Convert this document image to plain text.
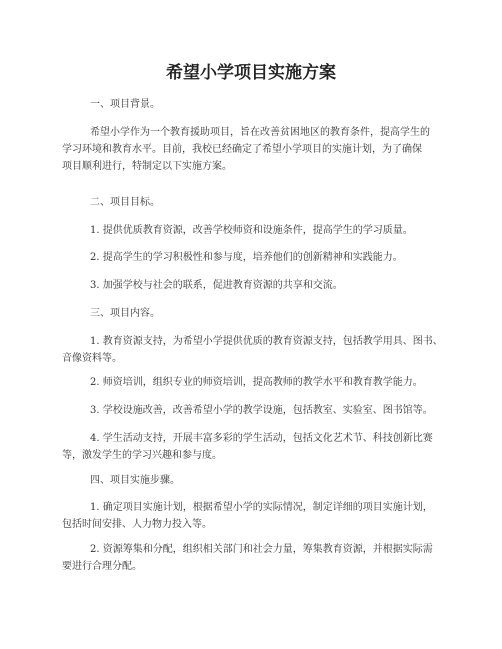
希望小学项目实施方案

一、项目背景。

希望小学作为一个教育援助项目，旨在改善贫困地区的教育条件，提高学生的
学习环境和教育水平。目前，我校已经确定了希望小学项目的实施计划，为了确保
项目顺利进行，特制定以下实施方案。

二、项目目标。

1. 提供优质教育资源，改善学校师资和设施条件，提高学生的学习质量。

2. 提高学生的学习积极性和参与度，培养他们的创新精神和实践能力。

3. 加强学校与社会的联系，促进教育资源的共享和交流。

三、项目内容。

1. 教育资源支持，为希望小学提供优质的教育资源支持，包括教学用具、图书、
音像资料等。

2. 师资培训，组织专业的师资培训，提高教师的教学水平和教育教学能力。

3. 学校设施改善，改善希望小学的教学设施，包括教室、实验室、图书馆等。

4. 学生活动支持，开展丰富多彩的学生活动，包括文化艺术节、科技创新比赛
等，激发学生的学习兴趣和参与度。

四、项目实施步骤。

1. 确定项目实施计划，根据希望小学的实际情况，制定详细的项目实施计划，
包括时间安排、人力物力投入等。

2. 资源筹集和分配，组织相关部门和社会力量，筹集教育资源，并根据实际需
要进行合理分配。
